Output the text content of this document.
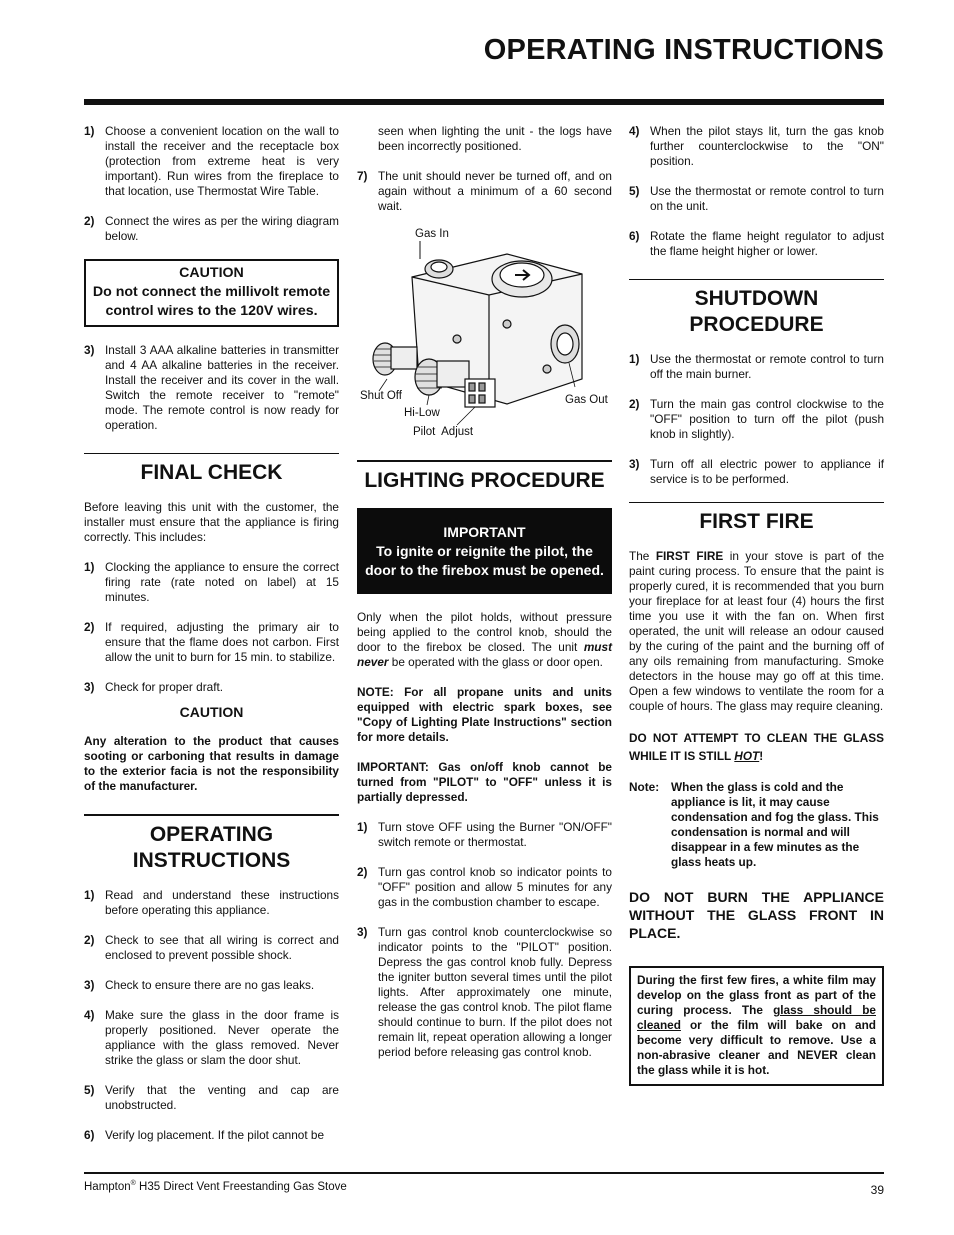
OPERATING INSTRUCTIONS
1) Choose a convenient location on the wall to install the receiver and the receptacle box (protection from extreme heat is very important). Run wires from the fireplace to that location, use Thermostat Wire Table.
2) Connect the wires as per the wiring diagram below.
CAUTION
Do not connect the millivolt remote control wires to the 120V wires.
3) Install 3 AAA alkaline batteries in transmitter and 4 AA alkaline batteries in the receiver. Install the receiver and its cover in the wall. Switch the remote receiver to "remote" mode. The remote control is now ready for operation.
FINAL CHECK

Before leaving this unit with the customer, the installer must ensure that the appliance is firing correctly. This includes:

1) Clocking the appliance to ensure the correct firing rate (rate noted on label) at 15 minutes.
2) If required, adjusting the primary air to ensure that the flame does not carbon. First allow the unit to burn for 15 min. to stabilize.
3) Check for proper draft.
CAUTION

Any alteration to the product that causes sooting or carboning that results in damage to the exterior facia is not the responsibility of the manufacturer.

OPERATING INSTRUCTIONS
1) Read and understand these instructions before operating this appliance.
2) Check to see that all wiring is correct and enclosed to prevent possible shock.
3) Check to ensure there are no gas leaks.
4) Make sure the glass in the door frame is properly positioned. Never operate the appliance with the glass removed. Never strike the glass or slam the door shut.
5) Verify that the venting and cap are unobstructed.
6) Verify log placement. If the pilot cannot be
seen when lighting the unit - the logs have been incorrectly positioned.
7) The unit should never be turned off, and on again without a minimum of a 60 second wait.
Gas In
Shut Off
Hi-Low
Pilot  Adjust
Gas Out
LIGHTING PROCEDURE
IMPORTANT
To ignite or reignite the pilot, the door to the firebox must be opened.

Only when the pilot holds, without pressure being applied to the control knob, should the door to the firebox be closed. The unit must never be operated with the glass or door open.

NOTE: For all propane units and units equipped with electric spark boxes, see "Copy of Lighting Plate Instructions" section for more details.

IMPORTANT: Gas on/off knob cannot be turned from "PILOT" to "OFF" unless it is partially depressed.

1) Turn stove OFF using the Burner "ON/OFF" switch remote or thermostat.
2) Turn gas control knob so indicator points to "OFF" position and allow 5 minutes for any gas in the combustion chamber to escape.
3) Turn gas control knob counterclockwise so indicator points to the "PILOT" position. Depress the gas control knob fully. Depress the igniter button several times until the pilot lights. After approximately one minute, release the gas control knob. The pilot flame should continue to burn. If the pilot does not remain lit, repeat operation allowing a longer period before releasing gas control knob.
4) When the pilot stays lit, turn the gas knob further counterclockwise to the "ON" position.
5) Use the thermostat or remote control to turn on the unit.
6) Rotate the flame height regulator to adjust the flame height higher or lower.
SHUTDOWN PROCEDURE
1) Use the thermostat or remote control to turn off the main burner.
2) Turn the main gas control clockwise to the "OFF" position to turn off the pilot (push knob in slightly).
3) Turn off all electric power to appliance if service is to be performed.
FIRST FIRE

The FIRST FIRE in your stove is part of the paint curing process. To ensure that the paint is properly cured, it is recommended that you burn your fireplace for at least four (4) hours the first time you use it with the fan on. When first operated, the unit will release an odour caused by the curing of the paint and the burning off of any oils remaining from manufacturing. Smoke detectors in the house may go off at this time. Open a few windows to ventilate the room for a couple of hours. The glass may require cleaning.

DO NOT ATTEMPT TO CLEAN THE GLASS WHILE IT IS STILL HOT!

Note:	When the glass is cold and the appliance is lit, it may cause condensation and fog the glass. This condensation is normal and will disappear in a few minutes as the glass heats up.
DO NOT BURN THE APPLIANCE WITHOUT THE GLASS FRONT IN PLACE.
During the first few fires, a white film may develop on the glass front as part of the curing process. The glass should be cleaned or the film will bake on and become very difficult to remove. Use a non-abrasive cleaner and NEVER clean the glass while it is hot.
Hampton® H35 Direct Vent Freestanding Gas Stove	39
